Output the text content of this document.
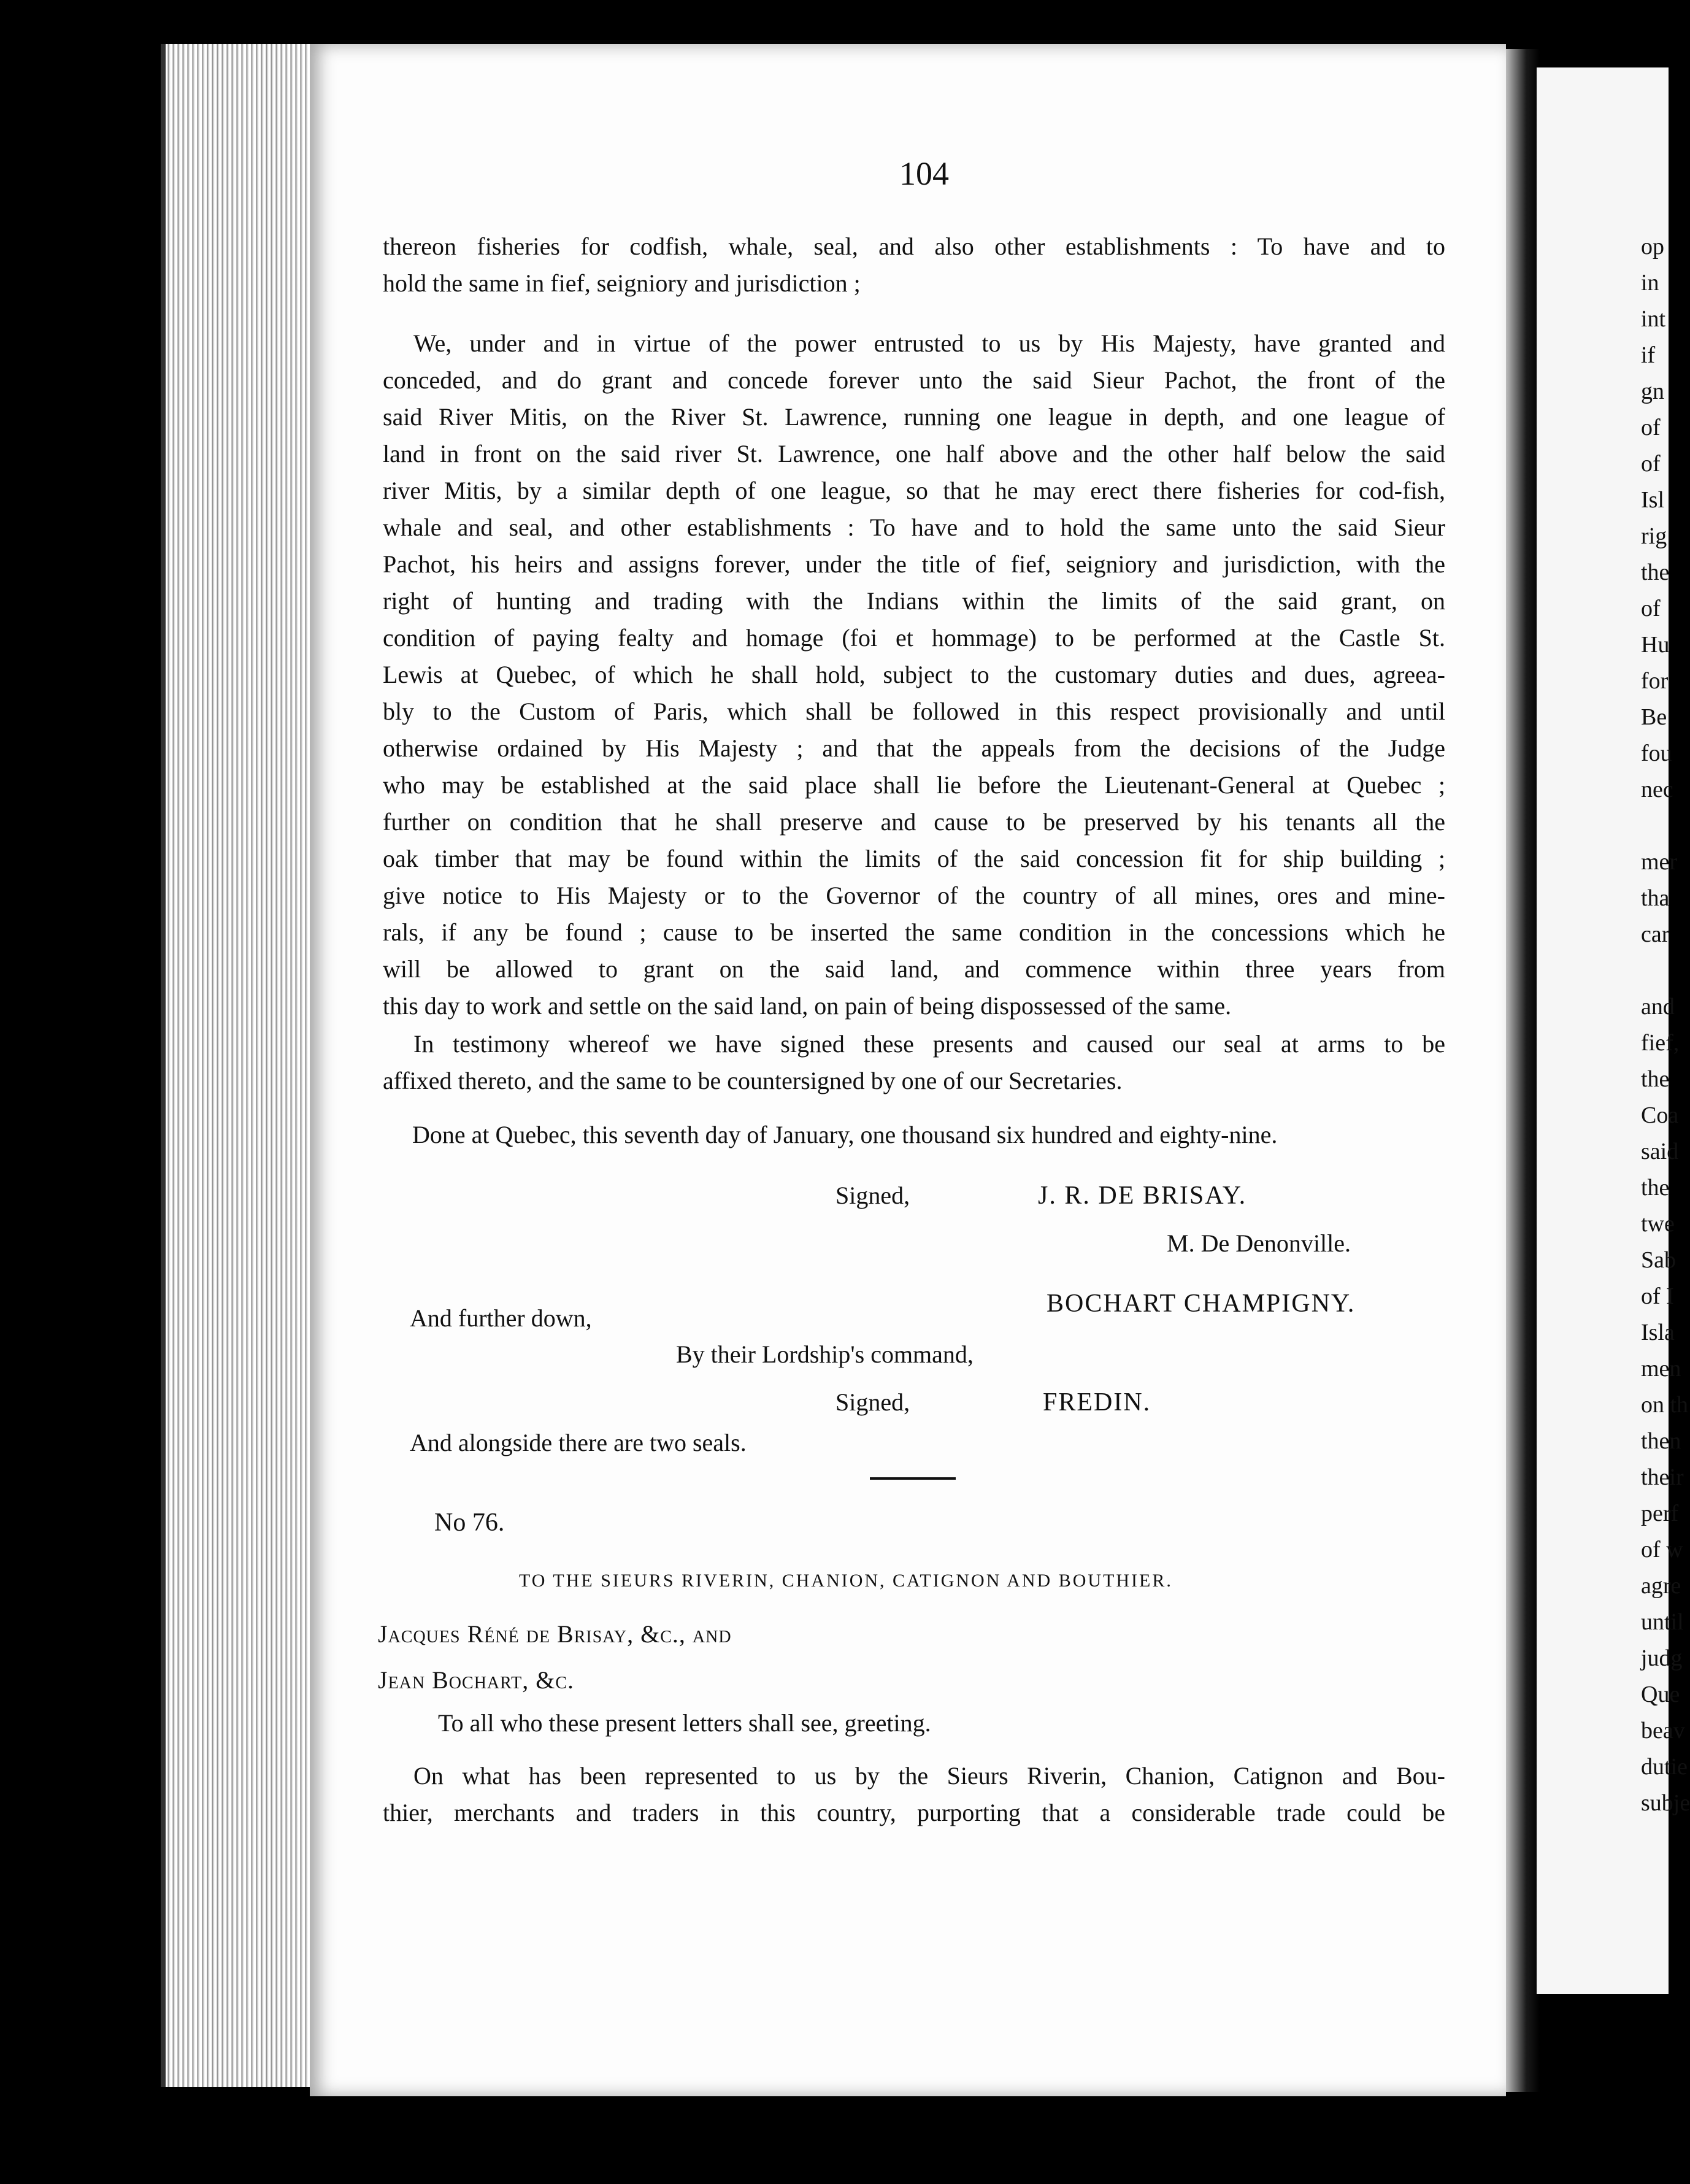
104
thereon fisheries for codfish, whale, seal, and also other establishments : To have and to
hold the same in fief, seigniory and jurisdiction ;
We, under and in virtue of the power entrusted to us by His Majesty, have granted and
conceded, and do grant and concede forever unto the said Sieur Pachot, the front of the
said River Mitis, on the River St. Lawrence, running one league in depth, and one league of
land in front on the said river St. Lawrence, one half above and the other half below the said
river Mitis, by a similar depth of one league, so that he may erect there fisheries for cod-fish,
whale and seal, and other establishments : To have and to hold the same unto the said Sieur
Pachot, his heirs and assigns forever, under the title of fief, seigniory and jurisdiction, with the
right of hunting and trading with the Indians within the limits of the said grant, on
condition of paying fealty and homage (foi et hommage) to be performed at the Castle St.
Lewis at Quebec, of which he shall hold, subject to the customary duties and dues, agreea-
bly to the Custom of Paris, which shall be followed in this respect provisionally and until
otherwise ordained by His Majesty ; and that the appeals from the decisions of the Judge
who may be established at the said place shall lie before the Lieutenant-General at Quebec ;
further on condition that he shall preserve and cause to be preserved by his tenants all the
oak timber that may be found within the limits of the said concession fit for ship building ;
give notice to His Majesty or to the Governor of the country of all mines, ores and mine-
rals, if any be found ; cause to be inserted the same condition in the concessions which he
will be allowed to grant on the said land, and commence within three years from
this day to work and settle on the said land, on pain of being dispossessed of the same.
In testimony whereof we have signed these presents and caused our seal at arms to be
affixed thereto, and the same to be countersigned by one of our Secretaries.
Done at Quebec, this seventh day of January, one thousand six hundred and eighty-nine.
Signed,	J. R. DE BRISAY.
M. De Denonville.
BOCHART CHAMPIGNY.
And further down,
By their Lordship's command,
Signed,	FREDIN.
And alongside there are two seals.
No 76.
TO THE SIEURS RIVERIN, CHANION, CATIGNON AND BOUTHIER.
Jacques Réné de Brisay, &c., and
Jean Bochart, &c.
To all who these present letters shall see, greeting.
On what has been represented to us by the Sieurs Riverin, Chanion, Catignon and Bou-
thier, merchants and traders in this country, purporting that a considerable trade could be
op
in
int
if
gn
of
of
Isl
rig
the
of
Hu
for
Be
fou
nec
mer
tha
car
and
fief,
the
Coa
said
the
twe
Sab
of I
Isla
men
on th
then
their
perf
of w
agre
until
judg
Que
beav
dutie
subje
